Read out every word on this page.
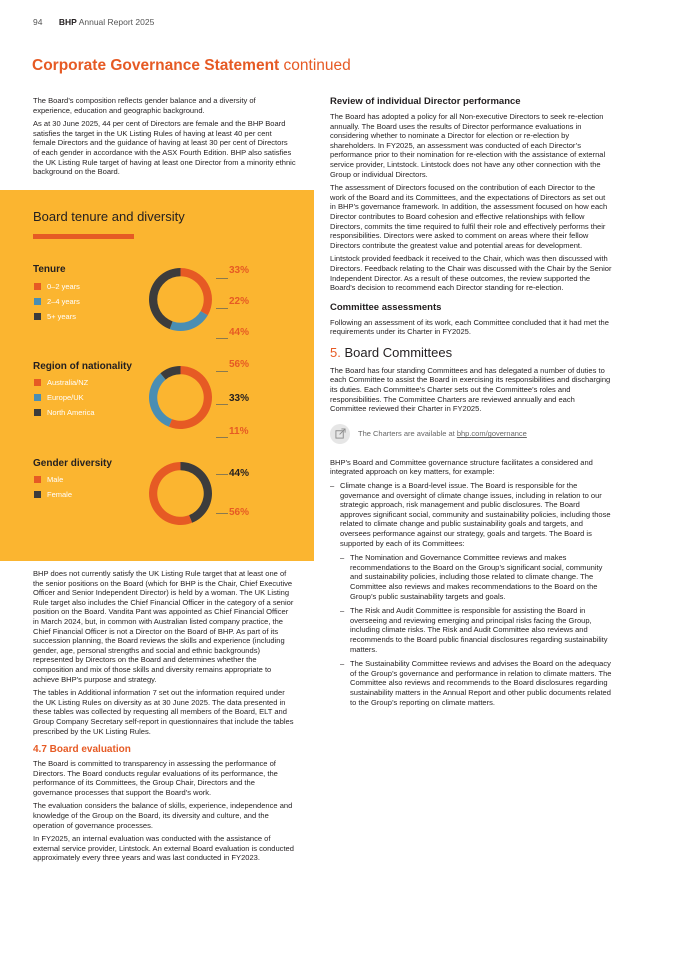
94 BHP Annual Report 2025
Corporate Governance Statement continued

The Board’s composition reflects gender balance and a diversity of experience, education and geographic background.

As at 30 June 2025, 44 per cent of Directors are female and the BHP Board satisfies the target in the UK Listing Rules of having at least 40 per cent female Directors and the guidance of having at least 30 per cent of Directors of each gender in accordance with the ASX Fourth Edition. BHP also satisfies the UK Listing Rule target of having at least one Director from a minority ethnic background on the Board.

Board tenure and diversity
Tenure
0–2 years
2–4 years
5+ years
33%
22%
44%
Region of nationality
Australia/NZ
Europe/UK
North America
56%
33%
11%
Gender diversity
Male
Female
44%
56%

BHP does not currently satisfy the UK Listing Rule target that at least one of the senior positions on the Board (which for BHP is the Chair, Chief Executive Officer and Senior Independent Director) is held by a woman. The UK Listing Rule target also includes the Chief Financial Officer in the category of a senior position on the Board. Vandita Pant was appointed as Chief Financial Officer in March 2024, but, in common with Australian listed company practice, the Chief Financial Officer is not a Director on the Board of BHP. As part of its succession planning, the Board reviews the skills and experience (including gender, age, personal strengths and social and ethnic backgrounds) represented by Directors on the Board and determines whether the composition and mix of those skills and diversity remains appropriate to achieve BHP’s purpose and strategy.

The tables in Additional information 7 set out the information required under the UK Listing Rules on diversity as at 30 June 2025. The data presented in these tables was collected by requesting all members of the Board, ELT and Group Company Secretary self-report in questionnaires that include the tables prescribed by the UK Listing Rules.

4.7 Board evaluation

The Board is committed to transparency in assessing the performance of Directors. The Board conducts regular evaluations of its performance, the performance of its Committees, the Group Chair, Directors and the governance processes that support the Board’s work.

The evaluation considers the balance of skills, experience, independence and knowledge of the Group on the Board, its diversity and culture, and the operation of governance processes.

In FY2025, an internal evaluation was conducted with the assistance of external service provider, Lintstock. An external Board evaluation is conducted approximately every three years and was last conducted in FY2023.

Review of individual Director performance

The Board has adopted a policy for all Non-executive Directors to seek re-election annually. The Board uses the results of Director performance evaluations in considering whether to nominate a Director for election or re-election by shareholders. In FY2025, an assessment was conducted of each Director’s performance prior to their nomination for re-election with the assistance of external service provider, Lintstock. Lintstock does not have any other connection with the Group or individual Directors.

The assessment of Directors focused on the contribution of each Director to the work of the Board and its Committees, and the expectations of Directors as set out in BHP’s governance framework. In addition, the assessment focused on how each Director contributes to Board cohesion and effective relationships with fellow Directors, commits the time required to fulfil their role and effectively performs their responsibilities. Directors were asked to comment on areas where their fellow Directors contribute the greatest value and potential areas for development.

Lintstock provided feedback it received to the Chair, which was then discussed with Directors. Feedback relating to the Chair was discussed with the Chair by the Senior Independent Director. As a result of these outcomes, the review supported the Board’s decision to recommend each Director standing for re-election.

Committee assessments

Following an assessment of its work, each Committee concluded that it had met the requirements under its Charter in FY2025.

5. Board Committees

The Board has four standing Committees and has delegated a number of duties to each Committee to assist the Board in exercising its responsibilities and discharging its duties. Each Committee’s Charter sets out the Committee’s roles and responsibilities. The Committee Charters are reviewed annually and each Committee reviewed their Charter in FY2025.

The Charters are available at
bhp.com/governance

BHP’s Board and Committee governance structure facilitates a considered and integrated approach on key matters, for example:

– Climate change is a Board-level issue. The Board is responsible for the governance and oversight of climate change issues, including in relation to our strategic approach, risk management and public disclosures. The Board approves significant social, community and sustainability policies, including those related to climate change and public sustainability goals and targets, and oversees performance against our strategy, goals and targets. The Board is supported by each of its Committees:
– The Nomination and Governance Committee reviews and makes recommendations to the Board on the Group’s significant social, community and sustainability policies, including those related to climate change. The Committee also reviews and makes recommendations to the Board on the Group’s public sustainability targets and goals.
– The Risk and Audit Committee is responsible for assisting the Board in overseeing and reviewing emerging and principal risks facing the Group, including climate risks. The Risk and Audit Committee also reviews and recommends to the Board public financial disclosures regarding sustainability matters.
– The Sustainability Committee reviews and advises the Board on the adequacy of the Group’s governance and performance in relation to climate matters. The Committee also reviews and recommends to the Board disclosures regarding sustainability matters in the Annual Report and other public documents related to the Group’s reporting on climate matters.
